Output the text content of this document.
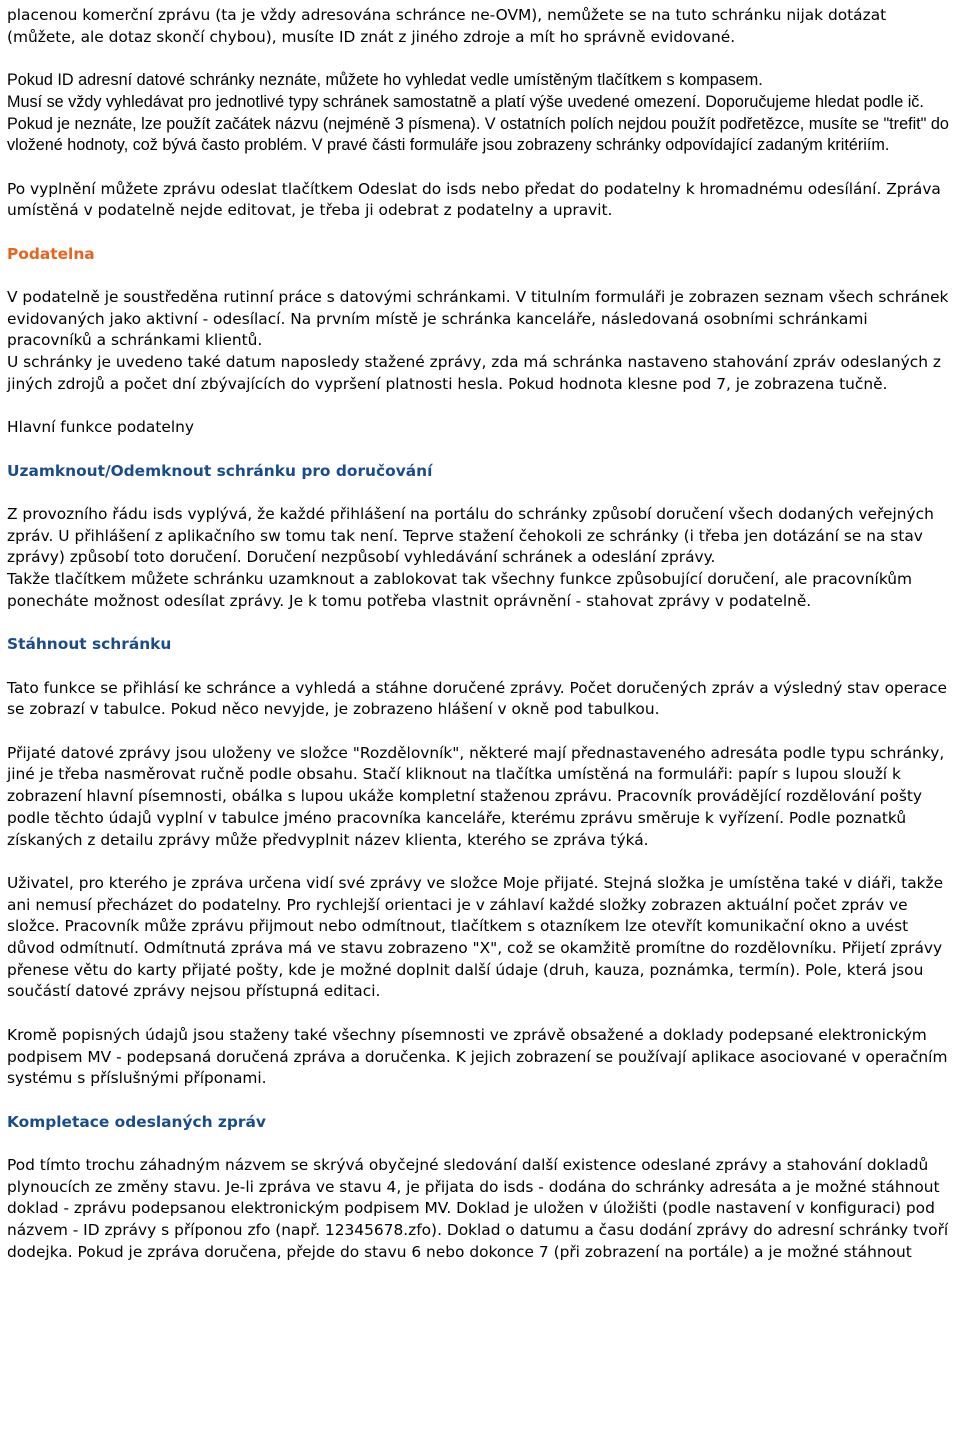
placenou komerční zprávu (ta je vždy adresována schránce ne-OVM), nemůžete se na tuto schránku nijak dotázat (můžete, ale dotaz skončí chybou), musíte ID znát z jiného zdroje a mít ho správně evidované.

Pokud ID adresní datové schránky neznáte, můžete ho vyhledat vedle umístěným tlačítkem s kompasem.

Musí se vždy vyhledávat pro jednotlivé typy schránek samostatně a platí výše uvedené omezení. Doporučujeme hledat podle ič. Pokud je neznáte, lze použít začátek názvu (nejméně 3 písmena). V ostatních polích nejdou použít podřetězce, musíte se "trefit" do vložené hodnoty, což bývá často problém. V pravé části formuláře jsou zobrazeny schránky odpovídající zadaným kritériím.

Po vyplnění můžete zprávu odeslat tlačítkem Odeslat do isds nebo předat do podatelny k hromadnému odesílání. Zpráva umístěná v podatelně nejde editovat, je třeba ji odebrat z podatelny a upravit.

Podatelna

V podatelně je soustředěna rutinní práce s datovými schránkami. V titulním formuláři je zobrazen seznam všech schránek evidovaných jako aktivní - odesílací. Na prvním místě je schránka kanceláře, následovaná osobními schránkami pracovníků a schránkami klientů.

U schránky je uvedeno také datum naposledy stažené zprávy, zda má schránka nastaveno stahování zpráv odeslaných z jiných zdrojů a počet dní zbývajících do vypršení platnosti hesla. Pokud hodnota klesne pod 7, je zobrazena tučně.

Hlavní funkce podatelny

Uzamknout/Odemknout schránku pro doručování

Z provozního řádu isds vyplývá, že každé přihlášení na portálu do schránky způsobí doručení všech dodaných veřejných zpráv. U přihlášení z aplikačního sw tomu tak není. Teprve stažení čehokoli ze schránky (i třeba jen dotázání se na stav zprávy) způsobí toto doručení. Doručení nezpůsobí vyhledávání schránek a odeslání zprávy.

Takže tlačítkem můžete schránku uzamknout a zablokovat tak všechny funkce způsobující doručení, ale pracovníkům ponecháte možnost odesílat zprávy. Je k tomu potřeba vlastnit oprávnění - stahovat zprávy v podatelně.

Stáhnout schránku

Tato funkce se přihlásí ke schránce a vyhledá a stáhne doručené zprávy. Počet doručených zpráv a výsledný stav operace se zobrazí v tabulce. Pokud něco nevyjde, je zobrazeno hlášení v okně pod tabulkou.

Přijaté datové zprávy jsou uloženy ve složce "Rozdělovník", některé mají přednastaveného adresáta podle typu schránky, jiné je třeba nasměrovat ručně podle obsahu. Stačí kliknout na tlačítka umístěná na formuláři: papír s lupou slouží k zobrazení hlavní písemnosti, obálka s lupou ukáže kompletní staženou zprávu. Pracovník provádějící rozdělování pošty podle těchto údajů vyplní v tabulce jméno pracovníka kanceláře, kterému zprávu směruje k vyřízení. Podle poznatků získaných z detailu zprávy může předvyplnit název klienta, kterého se zpráva týká.

Uživatel, pro kterého je zpráva určena vidí své zprávy ve složce Moje přijaté. Stejná složka je umístěna také v diáři, takže ani nemusí přecházet do podatelny. Pro rychlejší orientaci je v záhlaví každé složky zobrazen aktuální počet zpráv ve složce. Pracovník může zprávu přijmout nebo odmítnout, tlačítkem s otazníkem lze otevřít komunikační okno a uvést důvod odmítnutí. Odmítnutá zpráva má ve stavu zobrazeno "X", což se okamžitě promítne do rozdělovníku. Přijetí zprávy přenese větu do karty přijaté pošty, kde je možné doplnit další údaje (druh, kauza, poznámka, termín). Pole, která jsou součástí datové zprávy nejsou přístupná editaci.

Kromě popisných údajů jsou staženy také všechny písemnosti ve zprávě obsažené a doklady podepsané elektronickým podpisem MV - podepsaná doručená zpráva a doručenka. K jejich zobrazení se používají aplikace asociované v operačním systému s příslušnými příponami.

Kompletace odeslaných zpráv

Pod tímto trochu záhadným názvem se skrývá obyčejné sledování další existence odeslané zprávy a stahování dokladů plynoucích ze změny stavu. Je-li zpráva ve stavu 4, je přijata do isds - dodána do schránky adresáta a je možné stáhnout doklad - zprávu podepsanou elektronickým podpisem MV. Doklad je uložen v úložišti (podle nastavení v konfiguraci) pod názvem - ID zprávy s příponou zfo (např. 12345678.zfo). Doklad o datumu a času dodání zprávy do adresní schránky tvoří dodejka. Pokud je zpráva doručena, přejde do stavu 6 nebo dokonce 7 (při zobrazení na portále) a je možné stáhnout
